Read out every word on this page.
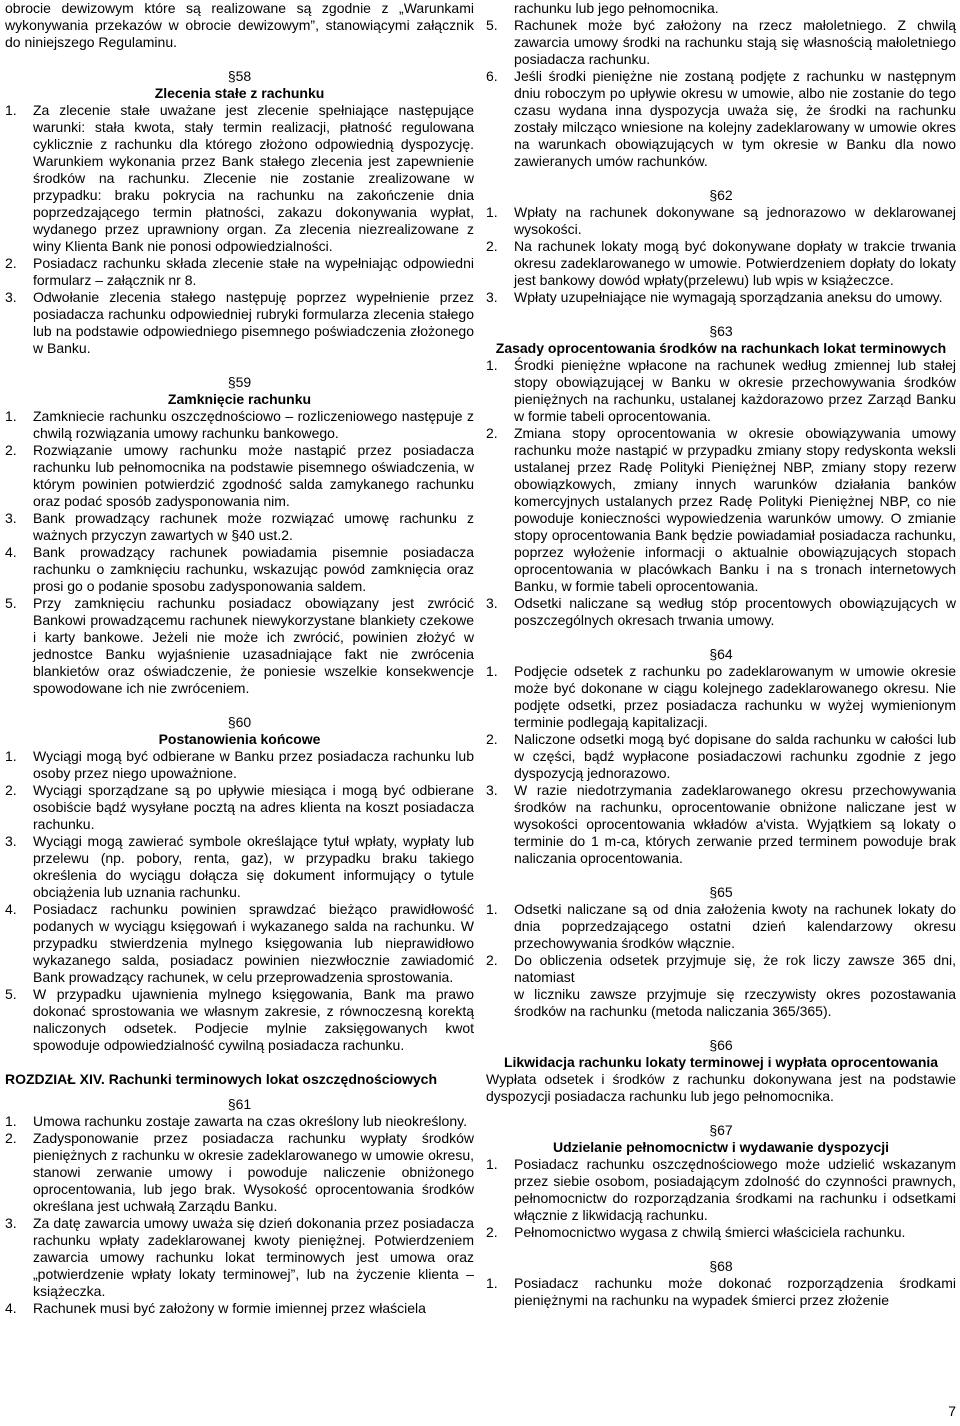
obrocie dewizowym które są realizowane są zgodnie z „Warunkami wykonywania przekazów w obrocie dewizowym”, stanowiącymi załącznik do niniejszego Regulaminu.

§58

Zlecenia stałe z rachunku

1.	Za zlecenie stałe uważane jest zlecenie spełniające następujące warunki: stała kwota, stały termin realizacji, płatność regulowana cyklicznie z rachunku dla którego złożono odpowiednią dyspozycję. Warunkiem wykonania przez Bank stałego zlecenia jest zapewnienie środków na rachunku. Zlecenie nie zostanie zrealizowane w przypadku: braku pokrycia na rachunku na zakończenie dnia poprzedzającego termin płatności, zakazu dokonywania wypłat, wydanego przez uprawniony organ. Za zlecenia niezrealizowane z winy Klienta Bank nie ponosi odpowiedzialności.
2.	Posiadacz rachunku składa zlecenie stałe na wypełniając odpowiedni formularz – załącznik nr 8.
3.	Odwołanie zlecenia stałego następuję poprzez wypełnienie przez posiadacza rachunku odpowiedniej rubryki formularza zlecenia stałego lub na podstawie odpowiedniego pisemnego poświadczenia złożonego w Banku.

§59

Zamknięcie rachunku

1.	Zamkniecie rachunku oszczędnościowo – rozliczeniowego następuje z chwilą rozwiązania umowy rachunku bankowego.
2.	Rozwiązanie umowy rachunku może nastąpić przez posiadacza rachunku lub pełnomocnika na podstawie pisemnego oświadczenia, w którym powinien potwierdzić zgodność salda zamykanego rachunku oraz podać sposób zadysponowania nim.
3.	Bank prowadzący rachunek może rozwiązać umowę rachunku z ważnych przyczyn zawartych w §40 ust.2.
4.	Bank prowadzący rachunek powiadamia pisemnie posiadacza rachunku o zamknięciu rachunku, wskazując powód zamknięcia oraz prosi go o podanie sposobu zadysponowania saldem.
5.	Przy zamknięciu rachunku posiadacz obowiązany jest zwrócić Bankowi prowadzącemu rachunek niewykorzystane blankiety czekowe i karty bankowe. Jeżeli nie może ich zwrócić, powinien złożyć w jednostce Banku wyjaśnienie uzasadniające fakt nie zwrócenia blankietów oraz oświadczenie, że poniesie wszelkie konsekwencje spowodowane ich nie zwróceniem.

§60

Postanowienia końcowe

1.	Wyciągi mogą być odbierane w Banku przez posiadacza rachunku lub osoby przez niego upoważnione.
2.	Wyciągi sporządzane są po upływie miesiąca i mogą być odbierane osobiście bądź wysyłane pocztą na adres klienta na koszt posiadacza rachunku.
3.	Wyciągi mogą zawierać symbole określające tytuł wpłaty, wypłaty lub przelewu (np. pobory, renta, gaz), w przypadku braku takiego określenia do wyciągu dołącza się dokument informujący o tytule obciążenia lub uznania rachunku.
4.	Posiadacz rachunku powinien sprawdzać bieżąco prawidłowość podanych w wyciągu księgowań i wykazanego salda na rachunku. W przypadku stwierdzenia mylnego księgowania lub nieprawidłowo wykazanego salda, posiadacz powinien niezwłocznie zawiadomić Bank prowadzący rachunek, w celu przeprowadzenia sprostowania.
5.	W przypadku ujawnienia mylnego księgowania, Bank ma prawo dokonać sprostowania we własnym zakresie, z równoczesną korektą naliczonych odsetek. Podjecie mylnie zaksięgowanych kwot spowoduje odpowiedzialność cywilną posiadacza rachunku.

ROZDZIAŁ XIV. Rachunki terminowych lokat oszczędnościowych

§61

1.	Umowa rachunku zostaje zawarta na czas określony lub nieokreślony.
2.	Zadysponowanie przez posiadacza rachunku wypłaty środków pieniężnych z rachunku w okresie zadeklarowanego w umowie okresu, stanowi zerwanie umowy i powoduje naliczenie obniżonego oprocentowania, lub jego brak. Wysokość oprocentowania środków określana jest uchwałą Zarządu Banku.
3.	Za datę zawarcia umowy uważa się dzień dokonania przez posiadacza rachunku wpłaty zadeklarowanej kwoty pieniężnej. Potwierdzeniem zawarcia umowy rachunku lokat terminowych jest umowa oraz „potwierdzenie wpłaty lokaty terminowej”, lub na życzenie klienta – książeczka.
4.	Rachunek musi być założony w formie imiennej przez właściela

rachunku lub jego pełnomocnika.

5.	Rachunek może być założony na rzecz małoletniego. Z chwilą zawarcia umowy środki na rachunku stają się własnością małoletniego posiadacza rachunku.
6.	Jeśli środki pieniężne nie zostaną podjęte z rachunku w następnym dniu roboczym po upływie okresu w umowie, albo nie zostanie do tego czasu wydana inna dyspozycja uważa się, że środki na rachunku zostały milcząco wniesione na kolejny zadeklarowany w umowie okres na warunkach obowiązujących w tym okresie w Banku dla nowo zawieranych umów rachunków.

§62

1.	Wpłaty na rachunek dokonywane są jednorazowo w deklarowanej wysokości.
2.	Na rachunek lokaty mogą być dokonywane dopłaty w trakcie trwania okresu zadeklarowanego w umowie. Potwierdzeniem dopłaty do lokaty jest bankowy dowód wpłaty(przelewu) lub wpis w książeczce.
3.	Wpłaty uzupełniające nie wymagają sporządzania aneksu do umowy.

§63

Zasady oprocentowania środków na rachunkach lokat terminowych

1.	Środki pieniężne wpłacone na rachunek według zmiennej lub stałej stopy obowiązującej w Banku w okresie przechowywania środków pieniężnych na rachunku, ustalanej każdorazowo przez Zarząd Banku w formie tabeli oprocentowania.
2.	Zmiana stopy oprocentowania w okresie obowiązywania umowy rachunku może nastąpić w przypadku zmiany stopy redyskonta weksli ustalanej przez Radę Polityki Pieniężnej NBP, zmiany stopy rezerw obowiązkowych, zmiany innych warunków działania banków komercyjnych ustalanych przez Radę Polityki Pieniężnej NBP, co nie powoduje konieczności wypowiedzenia warunków umowy. O zmianie stopy oprocentowania Bank będzie powiadamiał posiadacza rachunku, poprzez wyłożenie informacji o aktualnie obowiązujących stopach oprocentowania w placówkach Banku i na s tronach internetowych Banku, w formie tabeli oprocentowania.
3.	Odsetki naliczane są według stóp procentowych obowiązujących w poszczególnych okresach trwania umowy.

§64

1.	Podjęcie odsetek z rachunku po zadeklarowanym w umowie okresie może być dokonane w ciągu kolejnego zadeklarowanego okresu. Nie podjęte odsetki, przez posiadacza rachunku w wyżej wymienionym terminie podlegają kapitalizacji.
2.	Naliczone odsetki mogą być dopisane do salda rachunku w całości lub w części, bądź wypłacone posiadaczowi rachunku zgodnie z jego dyspozycją jednorazowo.
3.	W razie niedotrzymania zadeklarowanego okresu przechowywania środków na rachunku, oprocentowanie obniżone naliczane jest w wysokości oprocentowania wkładów a'vista. Wyjątkiem są lokaty o terminie do 1 m-ca, których zerwanie przed terminem powoduje brak naliczania oprocentowania.

§65

1.	Odsetki naliczane są od dnia założenia kwoty na rachunek lokaty do dnia poprzedzającego ostatni dzień kalendarzowy okresu przechowywania środków włącznie.
2.	Do obliczenia odsetek przyjmuje się, że rok liczy zawsze 365 dni, natomiast

w liczniku zawsze przyjmuje się rzeczywisty okres pozostawania środków na rachunku (metoda naliczania 365/365).

§66

Likwidacja rachunku lokaty terminowej i wypłata oprocentowania

Wypłata odsetek i środków z rachunku dokonywana jest na podstawie dyspozycji posiadacza rachunku lub jego pełnomocnika.

§67

Udzielanie pełnomocnictw i wydawanie dyspozycji

1.	Posiadacz rachunku oszczędnościowego może udzielić wskazanym przez siebie osobom, posiadającym zdolność do czynności prawnych, pełnomocnictw do rozporządzania środkami na rachunku i odsetkami włącznie z likwidacją rachunku.
2.	Pełnomocnictwo wygasa z chwilą śmierci właściciela rachunku.

§68

1.	Posiadacz rachunku może dokonać rozporządzenia środkami pieniężnymi na rachunku na wypadek śmierci przez złożenie
7
